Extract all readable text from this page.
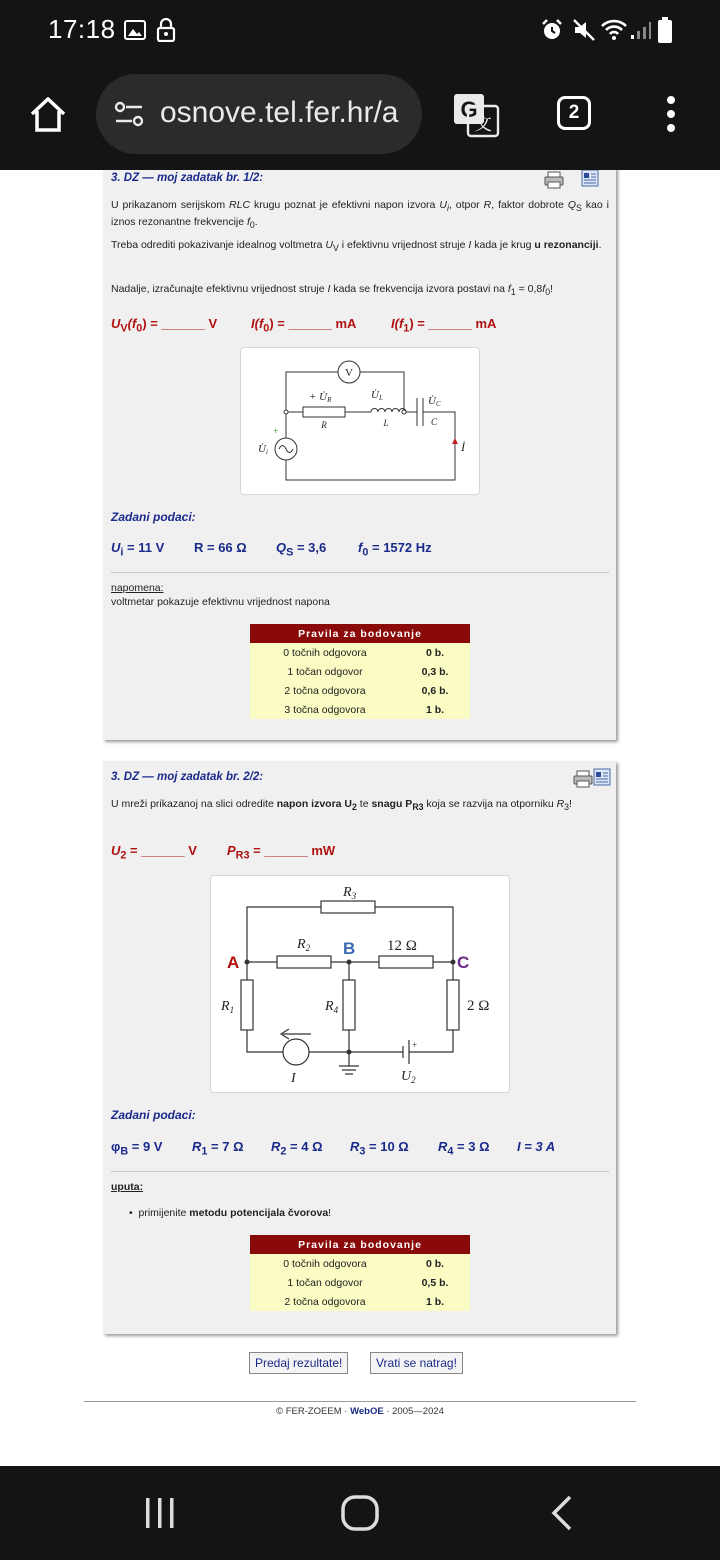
17:18
osnove.tel.fer.hr/a	G
文
2
3. DZ — moj zadatak br. 1/2:
U prikazanom serijskom RLC krugu poznat je efektivni napon izvora $U_i$, otpor R, faktor dobrote $Q_S$ kao i iznos rezonantne frekvencije $f_0$.
Treba odrediti pokazivanje idealnog voltmetra $U_V$ i efektivnu vrijednost struje I kada je krug u rezonanciji.
Nadalje, izračunajte efektivnu vrijednost struje I kada se frekvencija izvora postavi na $f_1 = 0,8f_0$!
$U_V(f_0)$ = ______ V	$I(f_0)$ = ______ mA	$I(f_1)$ = ______ mA
V
+ U̇R	U̇L	U̇C
R	L	C
U̇i
+
İ
Zadani podaci:
$U_i = 11$ V R = 66 Ω $Q_S = 3,6$ $f_0 = 1572$ Hz
napomena:
voltmetar pokazuje efektivnu vrijednost napona
Pravila za bodovanje	
0 točnih odgovora	0 b.
1 točan odgovor	0,3 b.
2 točna odgovora	0,6 b.
3 točna odgovora	1 b.
3. DZ — moj zadatak br. 2/2:
U mreži prikazanoj na slici odredite napon izvora $U_2$ te snagu $P_{R3}$ koja se razvija na otporniku $R_3$!
$U_2$ = ______ V $P_{R3}$ = ______ mW
$R_3$
$R_2$ B 12 Ω
A	C
$R_1$	$R_4$	2 Ω
I	$U_2$
+
Zadani podaci:
$\varphi_B = 9$ V $R_1 = 7$ Ω $R_2 = 4$ Ω $R_3 = 10$ Ω $R_4 = 3$ Ω I = 3 A
uputa:
•  primijenite metodu potencijala čvorova!
Pravila za bodovanje	
0 točnih odgovora	0 b.
1 točan odgovor	0,5 b.
2 točna odgovora	1 b.
Predaj rezultate!	Vrati se natrag!
© FER-ZOEEM · WebOE · 2005—2024
